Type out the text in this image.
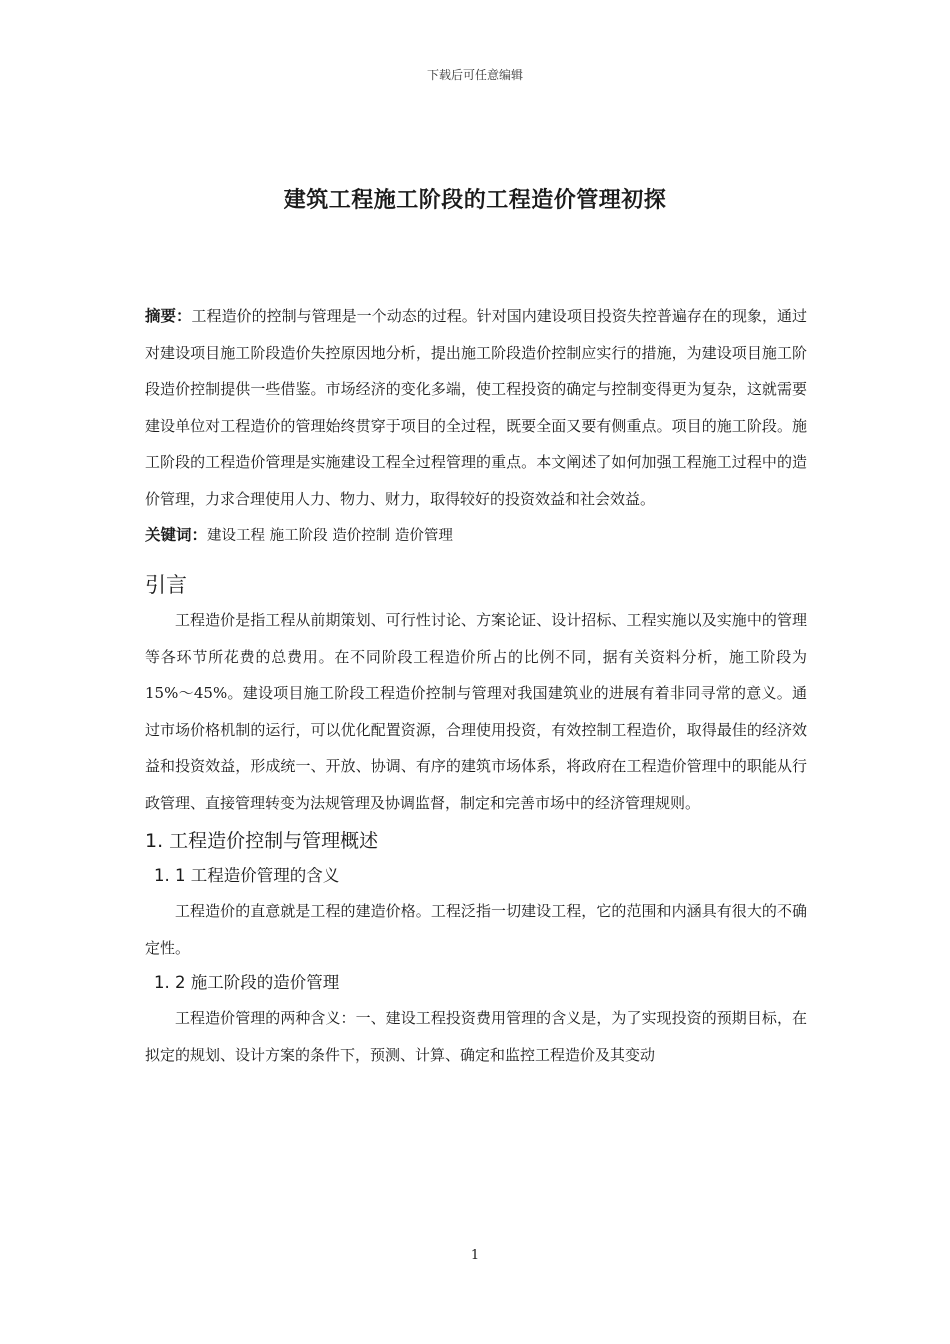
下载后可任意编辑
建筑工程施工阶段的工程造价管理初探

摘要：工程造价的控制与管理是一个动态的过程。针对国内建设项目投资失控普遍存在的现象，通过对建设项目施工阶段造价失控原因地分析，提出施工阶段造价控制应实行的措施，为建设项目施工阶段造价控制提供一些借鉴。市场经济的变化多端，使工程投资的确定与控制变得更为复杂，这就需要建设单位对工程造价的管理始终贯穿于项目的全过程，既要全面又要有侧重点。项目的施工阶段。施工阶段的工程造价管理是实施建设工程全过程管理的重点。本文阐述了如何加强工程施工过程中的造价管理，力求合理使用人力、物力、财力，取得较好的投资效益和社会效益。

关键词：建设工程 施工阶段 造价控制 造价管理

引言

工程造价是指工程从前期策划、可行性讨论、方案论证、设计招标、工程实施以及实施中的管理等各环节所花费的总费用。在不同阶段工程造价所占的比例不同，据有关资料分析，施工阶段为15%～45%。建设项目施工阶段工程造价控制与管理对我国建筑业的进展有着非同寻常的意义。通过市场价格机制的运行，可以优化配置资源，合理使用投资，有效控制工程造价，取得最佳的经济效益和投资效益，形成统一、开放、协调、有序的建筑市场体系，将政府在工程造价管理中的职能从行政管理、直接管理转变为法规管理及协调监督，制定和完善市场中的经济管理规则。

1. 工程造价控制与管理概述
1. 1 工程造价管理的含义

工程造价的直意就是工程的建造价格。工程泛指一切建设工程，它的范围和内涵具有很大的不确定性。

1. 2 施工阶段的造价管理

工程造价管理的两种含义：一、建设工程投资费用管理的含义是，为了实现投资的预期目标，在拟定的规划、设计方案的条件下，预测、计算、确定和监控工程造价及其变动

1
